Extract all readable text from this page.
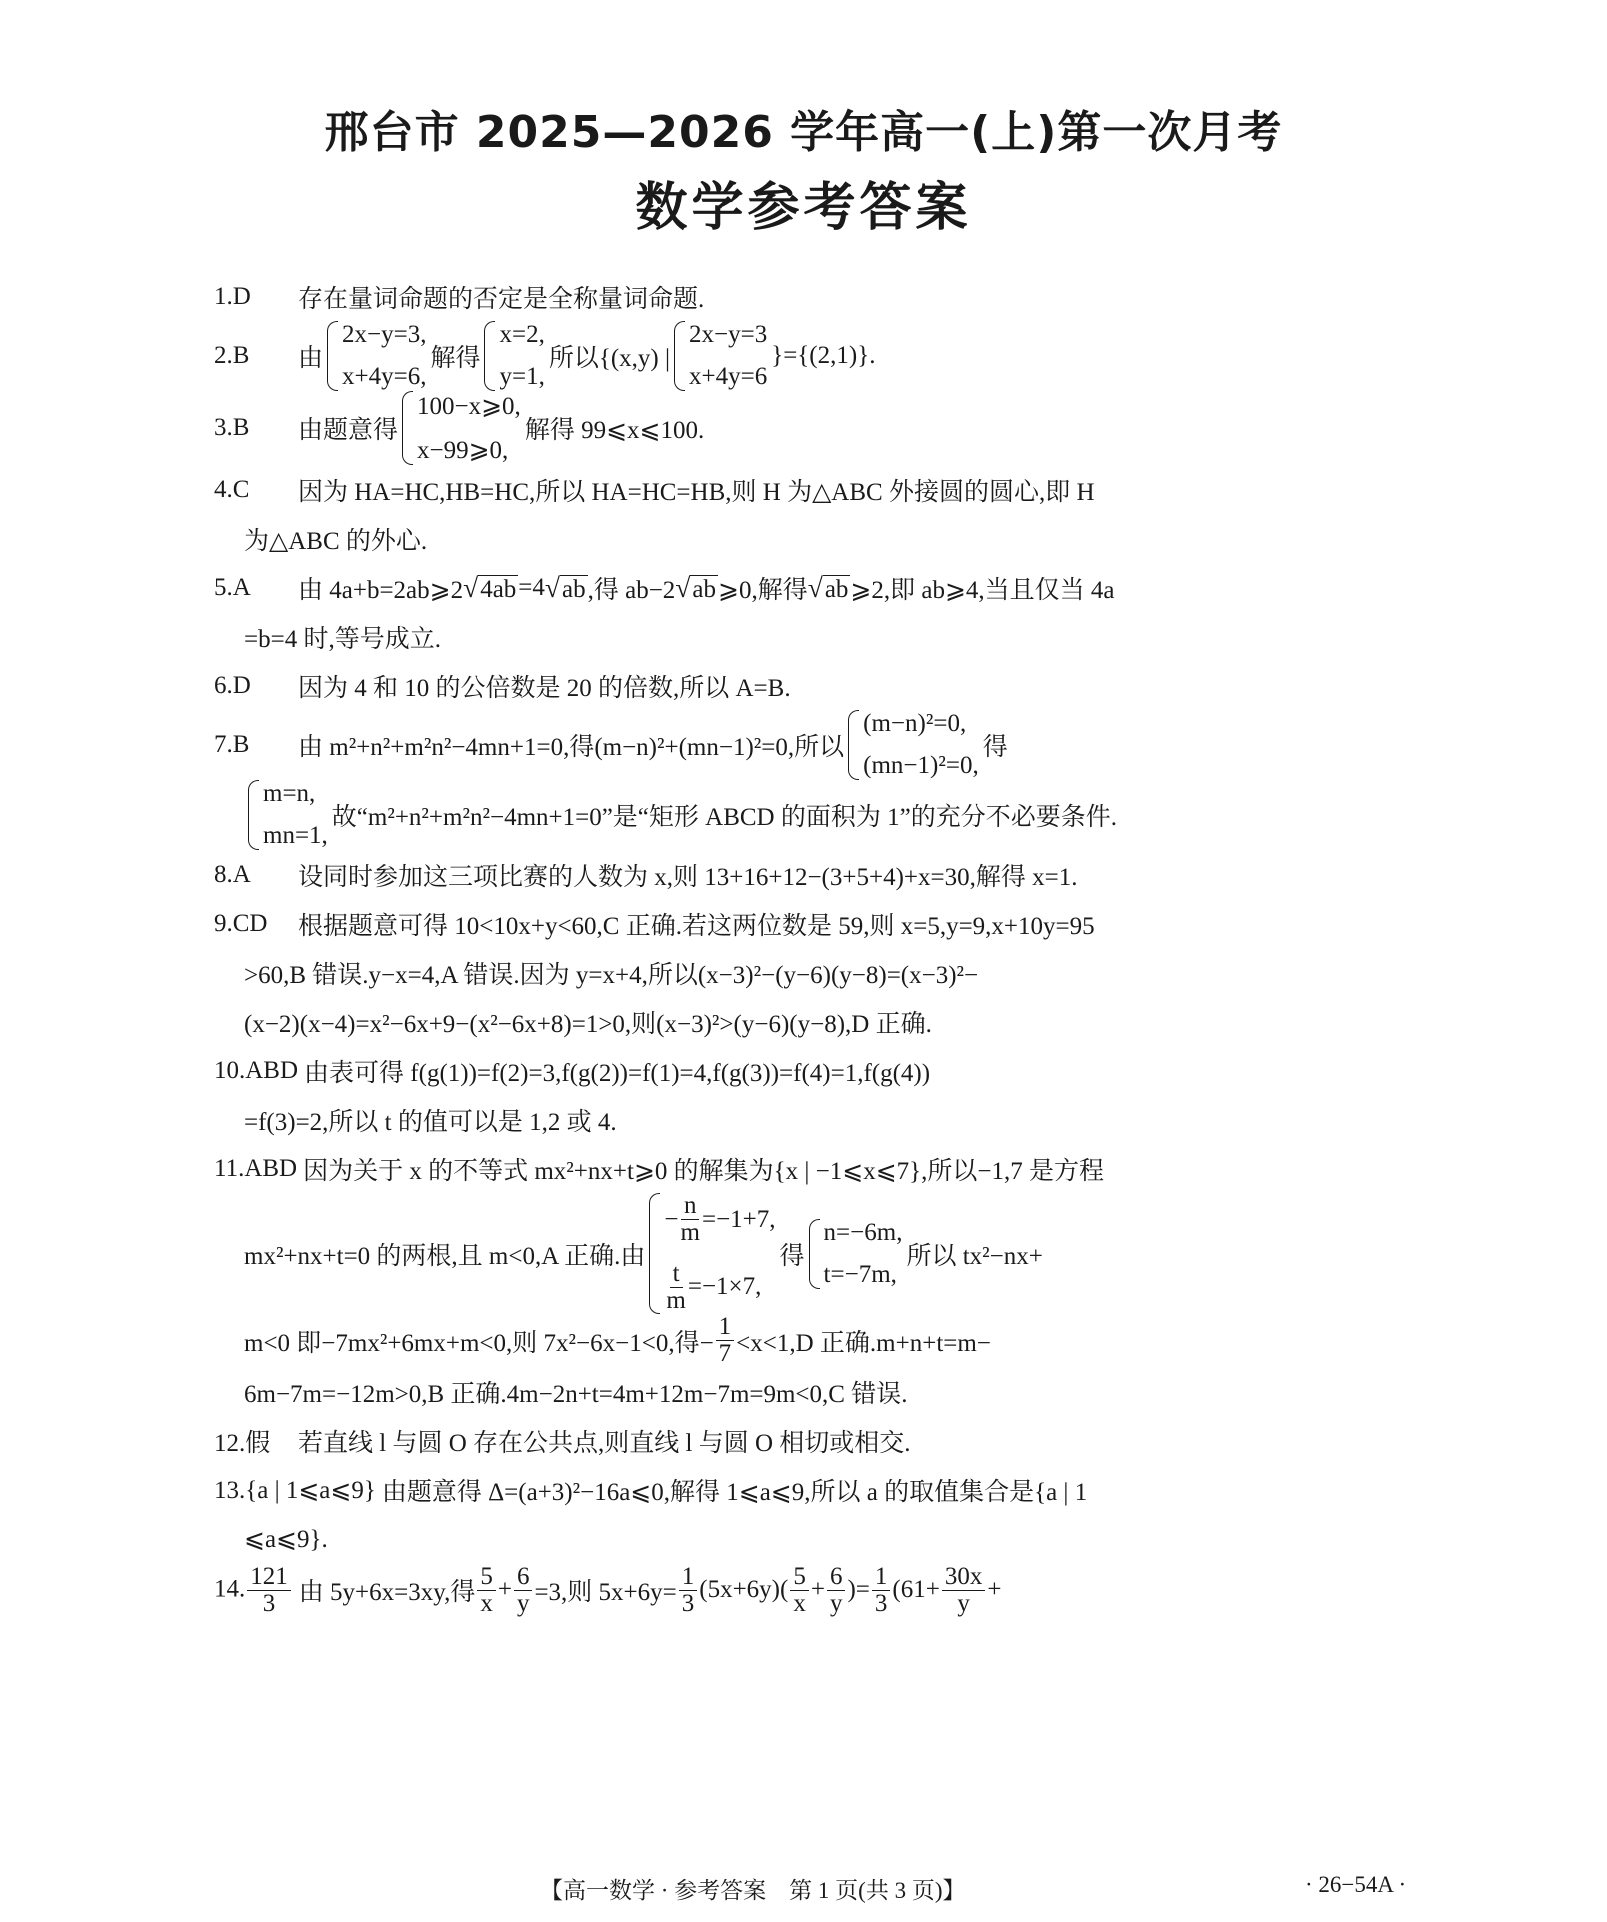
邢台市 2025—2026 学年高一(上)第一次月考
数学参考答案
1.D	存在量词命题的否定是全称量词命题.
2.B	由
2x−y=3,
x+4y=6,
解得
x=2,
y=1,
所以{(x,y) |
2x−y=3
x+4y=6
}={(2,1)}.
3.B	由题意得
100−x⩾0,
x−99⩾0,
解得 99⩽x⩽100.
4.C	因为 HA=HC,HB=HC,所以 HA=HC=HB,则 H 为△ABC 外接圆的圆心,即 H
为△ABC 的外心.
5.A	由 4a+b=2ab⩾2 √ 4ab =4 √ ab ,得 ab−2 √ ab ⩾0,解得 √ ab ⩾2,即 ab⩾4,当且仅当 4a
=b=4 时,等号成立.
6.D	因为 4 和 10 的公倍数是 20 的倍数,所以 A=B.
7.B	由 m²+n²+m²n²−4mn+1=0,得(m−n)²+(mn−1)²=0,所以
(m−n)²=0,
(mn−1)²=0,
得
m=n,
mn=1,
故“m²+n²+m²n²−4mn+1=0”是“矩形 ABCD 的面积为 1”的充分不必要条件.
8.A	设同时参加这三项比赛的人数为 x,则 13+16+12−(3+5+4)+x=30,解得 x=1.
9.CD	根据题意可得 10<10x+y<60,C 正确.若这两位数是 59,则 x=5,y=9,x+10y=95
>60,B 错误.y−x=4,A 错误.因为 y=x+4,所以(x−3)²−(y−6)(y−8)=(x−3)²−
(x−2)(x−4)=x²−6x+9−(x²−6x+8)=1>0,则(x−3)²>(y−6)(y−8),D 正确.
10.ABD 由表可得 f(g(1))=f(2)=3,f(g(2))=f(1)=4,f(g(3))=f(4)=1,f(g(4))
=f(3)=2,所以 t 的值可以是 1,2 或 4.
11.ABD 因为关于 x 的不等式 mx²+nx+t⩾0 的解集为{x | −1⩽x⩽7},所以−1,7 是方程
mx²+nx+t=0 的两根,且 m<0,A 正确.由
− $\frac{n}{m} =-1+7$,
$\frac{t}{m} =-1\times 7$,
得
n=−6m,
t=−7m,
所以 tx²−nx+
m<0 即−7mx²+6mx+m<0,则 7x²−6x−1<0,得− $\frac{1}{7} <x<1,D$ 正确.m+n+t=m−
6m−7m=−12m>0,B 正确.4m−2n+t=4m+12m−7m=9m<0,C 错误.
12.假	若直线 l 与圆 O 存在公共点,则直线 l 与圆 O 相切或相交.
13.{a | 1⩽a⩽9} 由题意得 Δ=(a+3)²−16a⩽0,解得 1⩽a⩽9,所以 a 的取值集合是{a | 1
⩽a⩽9}.
14. $\frac{121}{3}$ 由 5y+6x=3xy,得 $\frac{5}{x} + \frac{6}{y} =3$,则 $5x+6y= \frac{1}{3} (5x+6y)( \frac{5}{x} + \frac{6}{y}$ )= $\frac{1}{3} (61+ \frac{30x}{y}$ +
【高一数学 · 参考答案　第 1 页(共 3 页)】	· 26−54A ·
